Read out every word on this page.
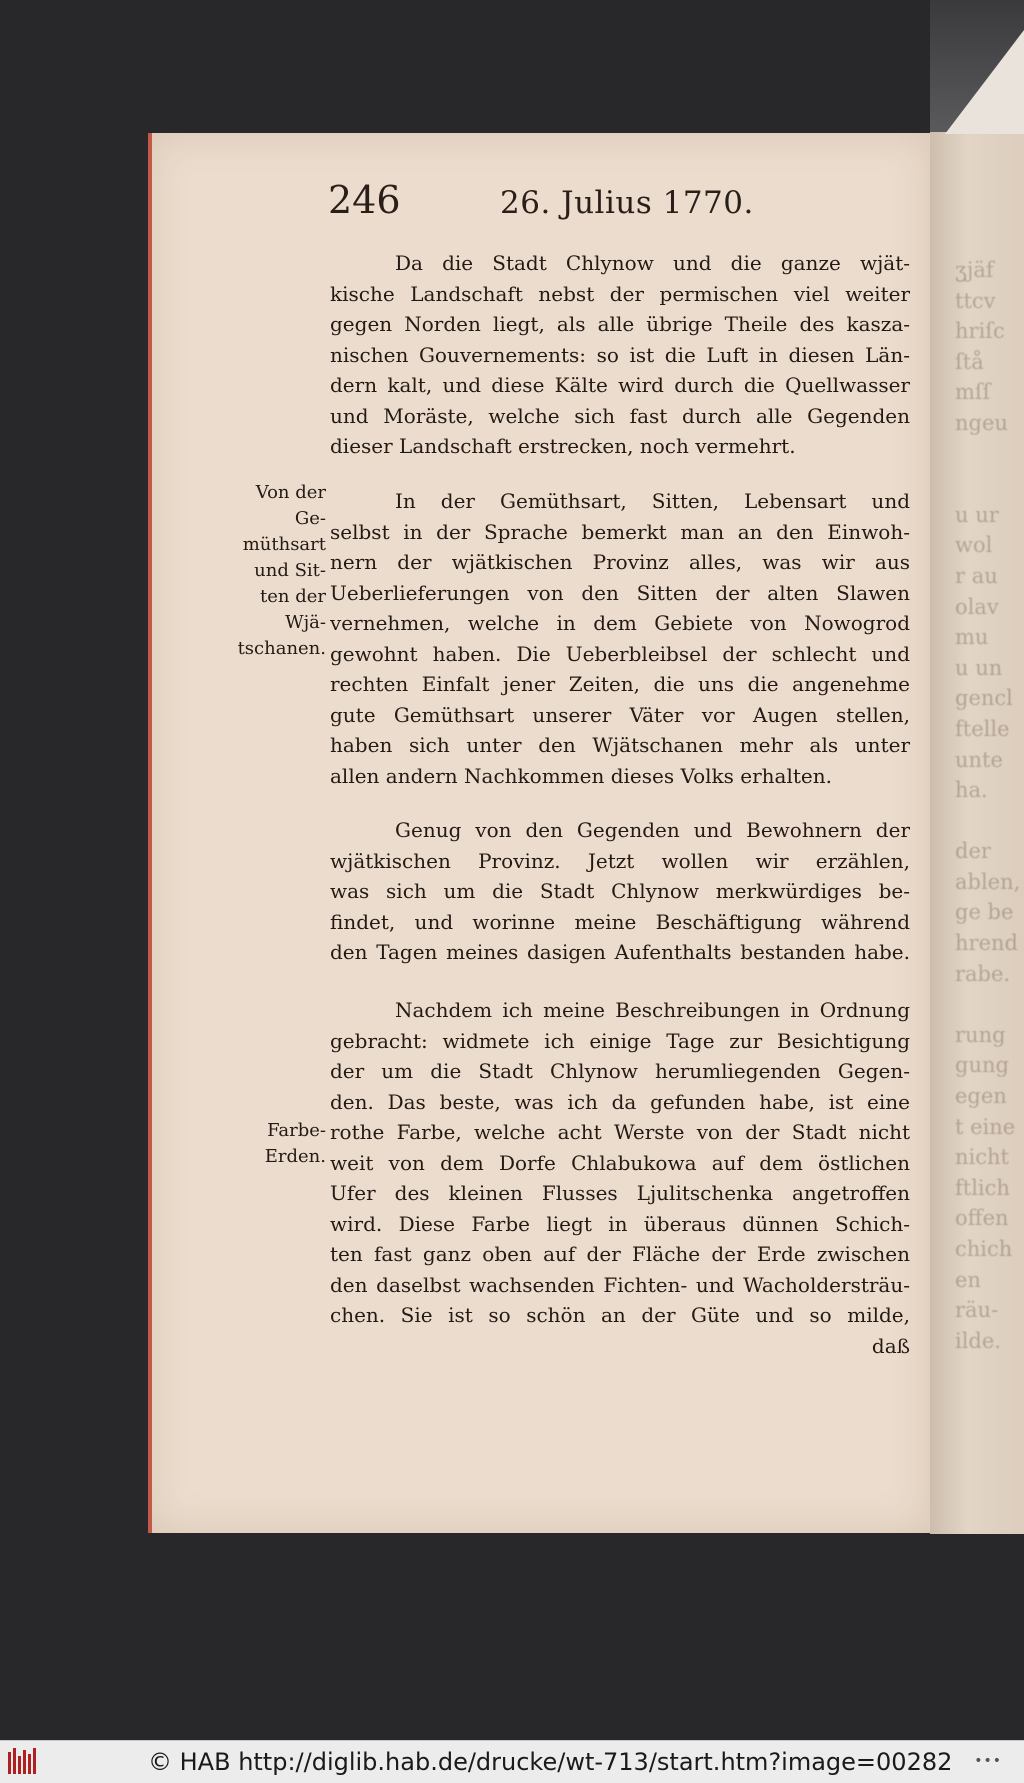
ʒjäf
ttcv
hriſc
ſtå
mſſ
ngeu

u ur
wol
r au
olav
mu
u un
gencl
ftelle
unte
ha.

der
ablen,
ge be
hrend
rabe.

rung
gung
egen
t eine
nicht
ftlich
offen
chich
en
räu-
ilde.
246	26. Julius 1770.
Da die Stadt Chlynow und die ganze wjät-
kische Landschaft nebst der permischen viel weiter
gegen Norden liegt, als alle übrige Theile des kasza-
nischen Gouvernements: so ist die Luft in diesen Län-
dern kalt, und diese Kälte wird durch die Quellwasser
und Moräste, welche sich fast durch alle Gegenden
dieser Landschaft erstrecken, noch vermehrt.
In der Gemüthsart, Sitten, Lebensart und
selbst in der Sprache bemerkt man an den Einwoh-
nern der wjätkischen Provinz alles, was wir aus
Ueberlieferungen von den Sitten der alten Slawen
vernehmen, welche in dem Gebiete von Nowogrod
gewohnt haben. Die Ueberbleibsel der schlecht und
rechten Einfalt jener Zeiten, die uns die angenehme
gute Gemüthsart unserer Väter vor Augen stellen,
haben sich unter den Wjätschanen mehr als unter
allen andern Nachkommen dieses Volks erhalten.
Genug von den Gegenden und Bewohnern der
wjätkischen Provinz. Jetzt wollen wir erzählen,
was sich um die Stadt Chlynow merkwürdiges be-
findet, und worinne meine Beschäftigung während
den Tagen meines dasigen Aufenthalts bestanden habe.
Nachdem ich meine Beschreibungen in Ordnung
gebracht: widmete ich einige Tage zur Besichtigung
der um die Stadt Chlynow herumliegenden Gegen-
den. Das beste, was ich da gefunden habe, ist eine
rothe Farbe, welche acht Werste von der Stadt nicht
weit von dem Dorfe Chlabukowa auf dem östlichen
Ufer des kleinen Flusses Ljulitschenka angetroffen
wird. Diese Farbe liegt in überaus dünnen Schich-
ten fast ganz oben auf der Fläche der Erde zwischen
den daselbst wachsenden Fichten- und Wacholdersträu-
chen. Sie ist so schön an der Güte und so milde,
daß
Von der
Ge-
müthsart
und Sit-
ten der
Wjä-
tschanen.
Farbe-
Erden.
© HAB http://diglib.hab.de/drucke/wt-713/start.htm?image=00282 •••
